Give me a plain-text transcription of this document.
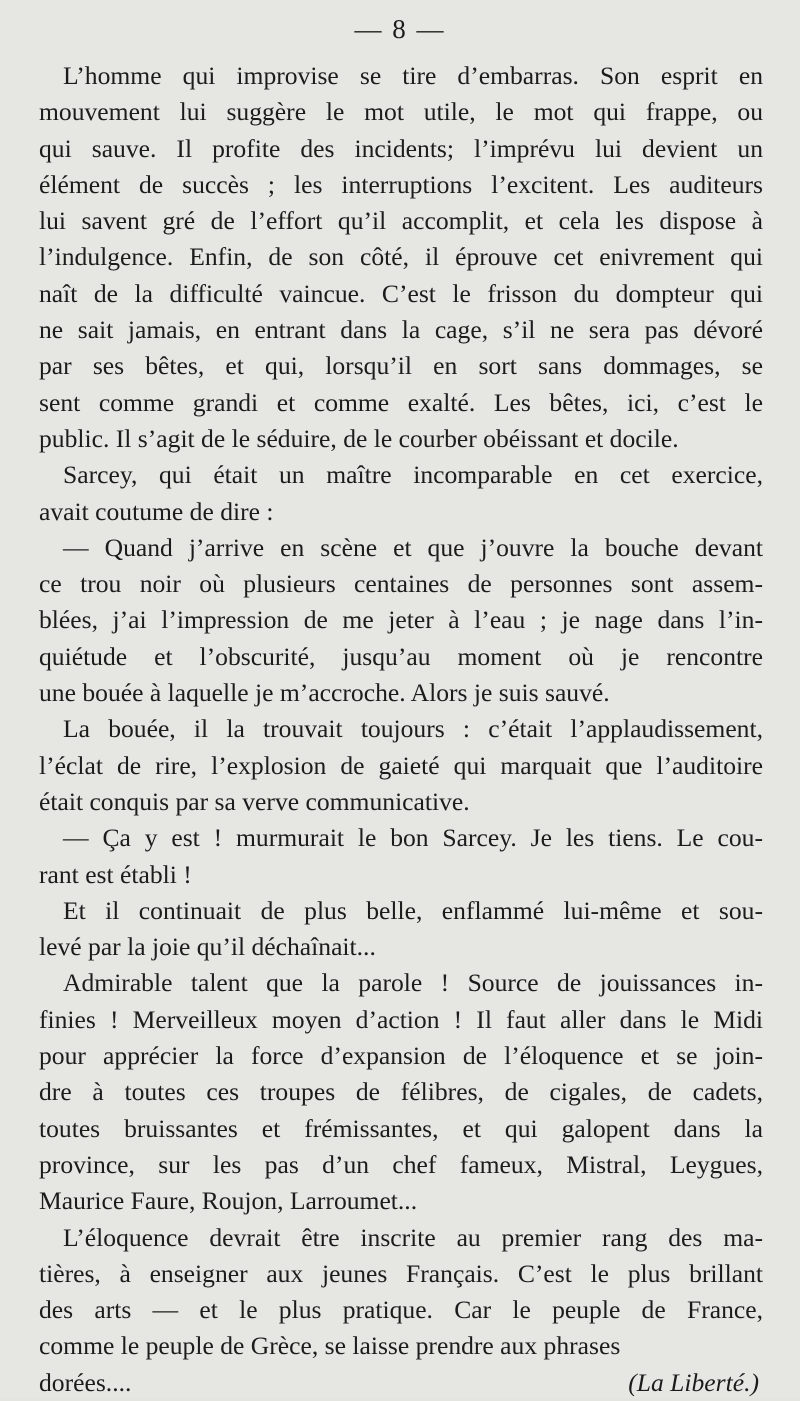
— 8 —
L’homme qui improvise se tire d’embarras. Son esprit en
mouvement lui suggère le mot utile, le mot qui frappe, ou
qui sauve. Il profite des incidents; l’imprévu lui devient un
élément de succès ; les interruptions l’excitent. Les auditeurs
lui savent gré de l’effort qu’il accomplit, et cela les dispose à
l’indulgence. Enfin, de son côté, il éprouve cet enivrement qui
naît de la difficulté vaincue. C’est le frisson du dompteur qui
ne sait jamais, en entrant dans la cage, s’il ne sera pas dévoré
par ses bêtes, et qui, lorsqu’il en sort sans dommages, se
sent comme grandi et comme exalté. Les bêtes, ici, c’est le
public. Il s’agit de le séduire, de le courber obéissant et docile.
Sarcey, qui était un maître incomparable en cet exercice,
avait coutume de dire :
— Quand j’arrive en scène et que j’ouvre la bouche devant
ce trou noir où plusieurs centaines de personnes sont assem-
blées, j’ai l’impression de me jeter à l’eau ; je nage dans l’in-
quiétude et l’obscurité, jusqu’au moment où je rencontre
une bouée à laquelle je m’accroche. Alors je suis sauvé.
La bouée, il la trouvait toujours : c’était l’applaudissement,
l’éclat de rire, l’explosion de gaieté qui marquait que l’auditoire
était conquis par sa verve communicative.
— Ça y est ! murmurait le bon Sarcey. Je les tiens. Le cou-
rant est établi !
Et il continuait de plus belle, enflammé lui-même et sou-
levé par la joie qu’il déchaînait...
Admirable talent que la parole ! Source de jouissances in-
finies ! Merveilleux moyen d’action ! Il faut aller dans le Midi
pour apprécier la force d’expansion de l’éloquence et se join-
dre à toutes ces troupes de félibres, de cigales, de cadets,
toutes bruissantes et frémissantes, et qui galopent dans la
province, sur les pas d’un chef fameux, Mistral, Leygues,
Maurice Faure, Roujon, Larroumet...
L’éloquence devrait être inscrite au premier rang des ma-
tières, à enseigner aux jeunes Français. C’est le plus brillant
des arts — et le plus pratique. Car le peuple de France,
comme le peuple de Grèce, se laisse prendre aux phrases
dorées....	(La Liberté.)
